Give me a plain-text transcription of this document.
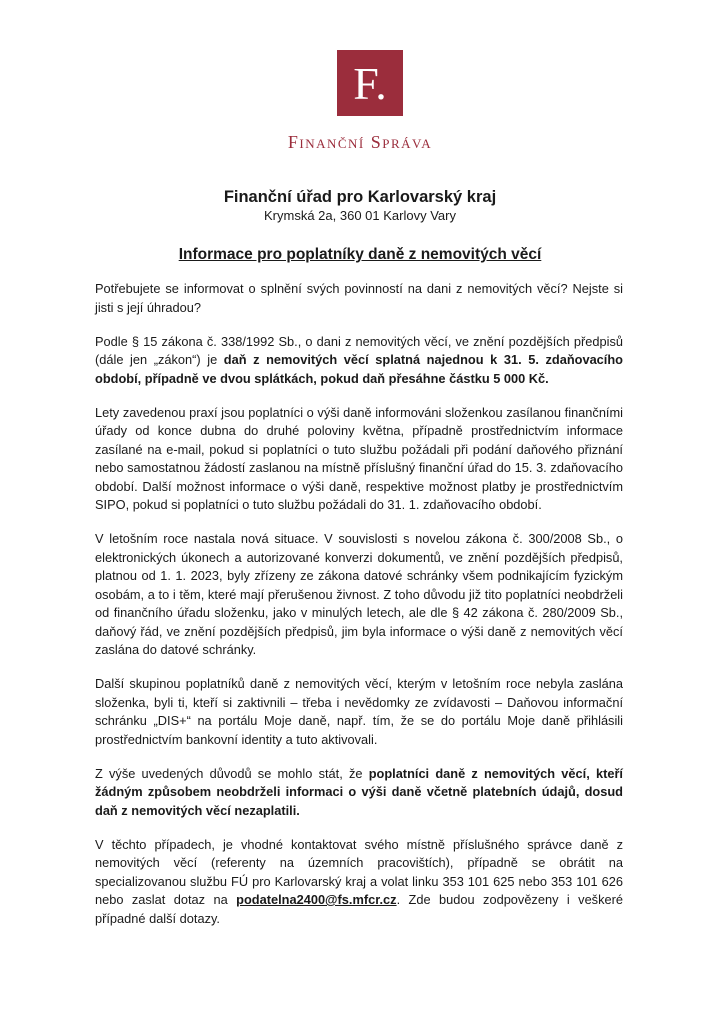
F.
FINANČNÍ SPRÁVA
Finanční úřad pro Karlovarský kraj
Krymská 2a, 360 01 Karlovy Vary
Informace pro poplatníky daně z nemovitých věcí

Potřebujete se informovat o splnění svých povinností na dani z nemovitých věcí? Nejste si jisti s její úhradou?

Podle § 15 zákona č. 338/1992 Sb., o dani z nemovitých věcí, ve znění pozdějších předpisů (dále jen „zákon“) je daň z nemovitých věcí splatná najednou k 31. 5. zdaňovacího období, případně ve dvou splátkách, pokud daň přesáhne částku 5 000 Kč.

Lety zavedenou praxí jsou poplatníci o výši daně informováni složenkou zasílanou finančními úřady od konce dubna do druhé poloviny května, případně prostřednictvím informace zasílané na e-mail, pokud si poplatníci o tuto službu požádali při podání daňového přiznání nebo samostatnou žádostí zaslanou na místně příslušný finanční úřad do 15. 3. zdaňovacího období. Další možnost informace o výši daně, respektive možnost platby je prostřednictvím SIPO, pokud si poplatníci o tuto službu požádali do 31. 1. zdaňovacího období.

V letošním roce nastala nová situace. V souvislosti s novelou zákona č. 300/2008 Sb., o elektronických úkonech a autorizované konverzi dokumentů, ve znění pozdějších předpisů, platnou od 1. 1. 2023, byly zřízeny ze zákona datové schránky všem podnikajícím fyzickým osobám, a to i těm, které mají přerušenou živnost. Z toho důvodu již tito poplatníci neobdrželi od finančního úřadu složenku, jako v minulých letech, ale dle § 42 zákona č. 280/2009 Sb., daňový řád, ve znění pozdějších předpisů, jim byla informace o výši daně z nemovitých věcí zaslána do datové schránky.

Další skupinou poplatníků daně z nemovitých věcí, kterým v letošním roce nebyla zaslána složenka, byli ti, kteří si zaktivnili – třeba i nevědomky ze zvídavosti – Daňovou informační schránku „DIS+“ na portálu Moje daně, např. tím, že se do portálu Moje daně přihlásili prostřednictvím bankovní identity a tuto aktivovali.

Z výše uvedených důvodů se mohlo stát, že poplatníci daně z nemovitých věcí, kteří žádným způsobem neobdrželi informaci o výši daně včetně platebních údajů, dosud daň z nemovitých věcí nezaplatili.

V těchto případech, je vhodné kontaktovat svého místně příslušného správce daně z nemovitých věcí (referenty na územních pracovištích), případně se obrátit na specializovanou službu FÚ pro Karlovarský kraj a volat linku 353 101 625 nebo 353 101 626 nebo zaslat dotaz na podatelna2400@fs.mfcr.cz. Zde budou zodpovězeny i veškeré případné další dotazy.
